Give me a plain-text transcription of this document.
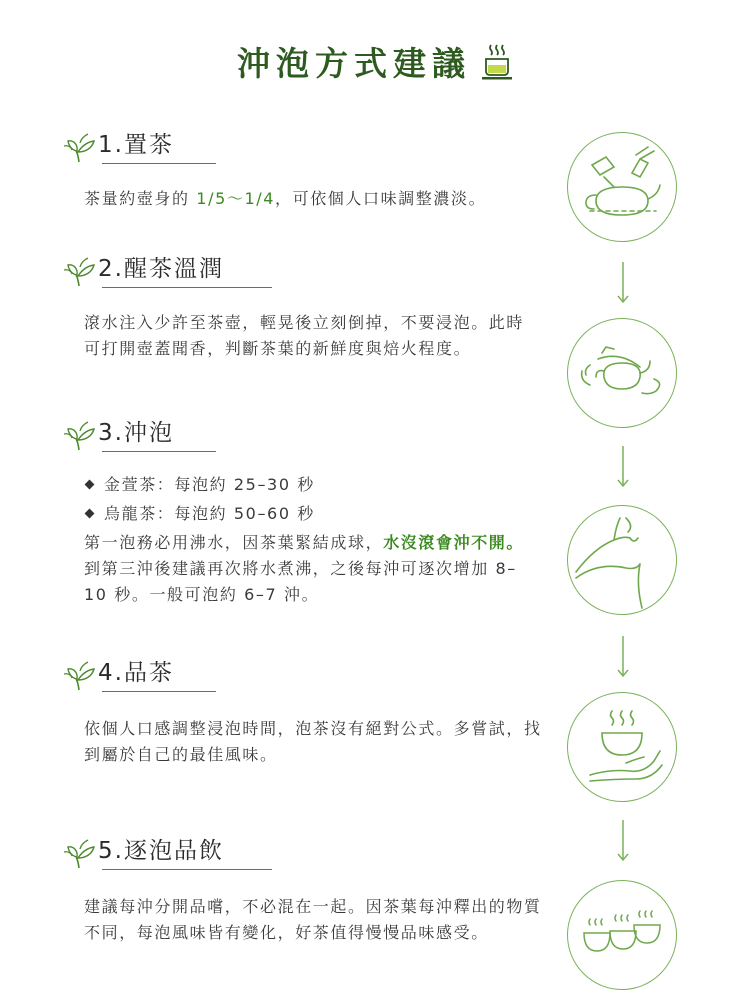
沖泡方式建議
1.置茶
茶量約壺身的 1/5～1/4，可依個人口味調整濃淡。
2.醒茶溫潤
滾水注入少許至茶壺，輕晃後立刻倒掉，不要浸泡。此時可打開壺蓋聞香，判斷茶葉的新鮮度與焙火程度。
3.沖泡
金萱茶：每泡約 25–30 秒
烏龍茶：每泡約 50–60 秒
第一泡務必用沸水，因茶葉緊結成球，水沒滾會沖不開。到第三沖後建議再次將水煮沸，之後每沖可逐次增加 8–10 秒。一般可泡約 6–7 沖。
4.品茶
依個人口感調整浸泡時間，泡茶沒有絕對公式。多嘗試，找到屬於自己的最佳風味。
5.逐泡品飲
建議每沖分開品嚐，不必混在一起。因茶葉每沖釋出的物質不同，每泡風味皆有變化，好茶值得慢慢品味感受。
